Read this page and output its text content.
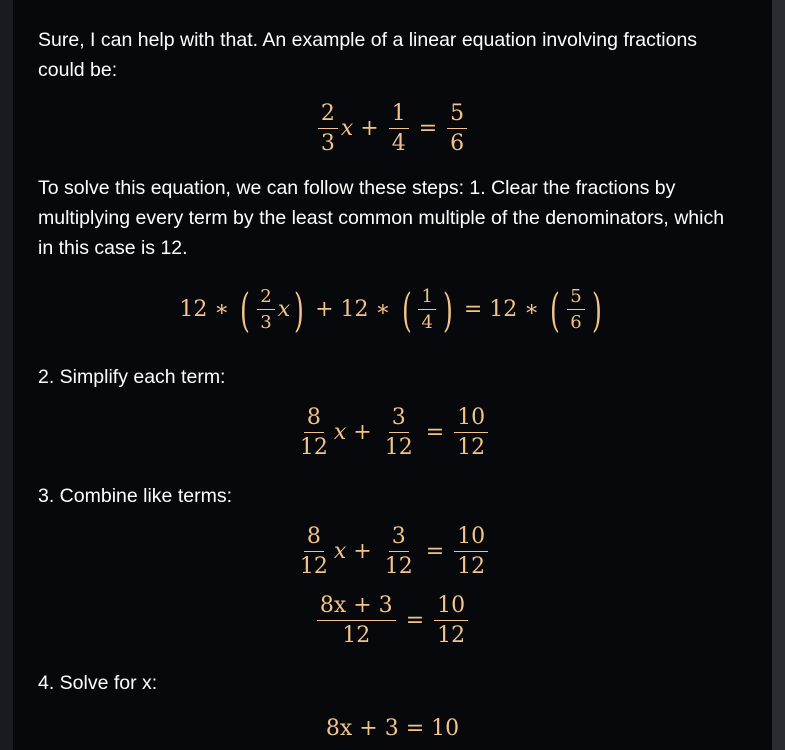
Sure, I can help with that. An example of a linear equation involving fractions could be:

$\frac{2}{3}$ $x + \frac{1}{4} = \frac{5}{6}$

To solve this equation, we can follow these steps: 1. Clear the fractions by multiplying every term by the least common multiple of the denominators, which in this case is 12.

12 ∗ ( $\frac{2}{3}$ x ) + 12 ∗ ( $\frac{1}{4}$ ) = 12 ∗ ( $\frac{5}{6}$ )

2. Simplify each term:

$\frac{8}{12}$ $x + \frac{3}{12} = \frac{10}{12}$

3. Combine like terms:

$\frac{8}{12}$ $x + \frac{3}{12} = \frac{10}{12}$
$\frac{8x + 3}{12} = \frac{10}{12}$

4. Solve for x:

8x + 3 = 10
